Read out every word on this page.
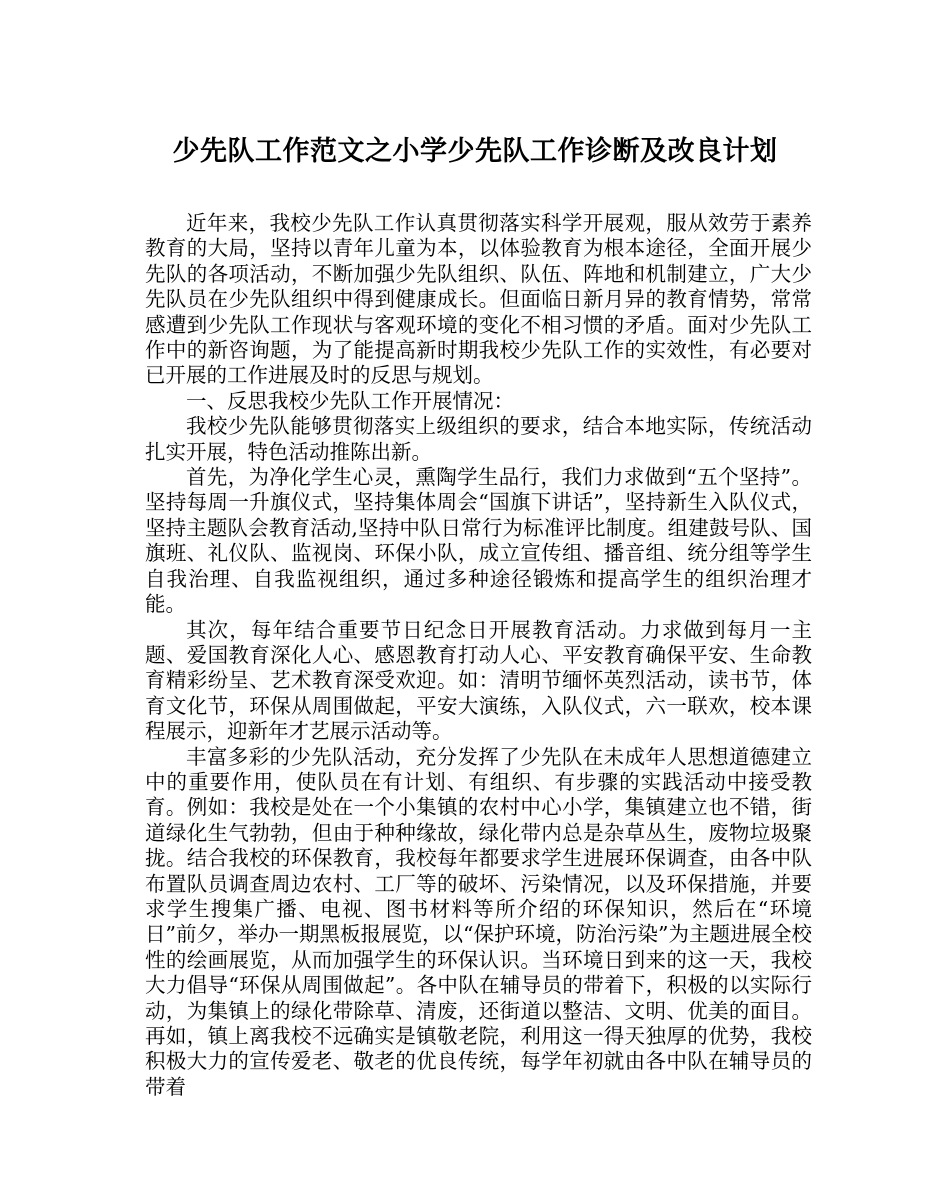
少先队工作范文之小学少先队工作诊断及改良计划

近年来，我校少先队工作认真贯彻落实科学开展观，服从效劳于素养教育的大局，坚持以青年儿童为本，以体验教育为根本途径，全面开展少先队的各项活动，不断加强少先队组织、队伍、阵地和机制建立，广大少先队员在少先队组织中得到健康成长。但面临日新月异的教育情势，常常感遭到少先队工作现状与客观环境的变化不相习惯的矛盾。面对少先队工作中的新咨询题，为了能提高新时期我校少先队工作的实效性，有必要对已开展的工作进展及时的反思与规划。

一、反思我校少先队工作开展情况：

我校少先队能够贯彻落实上级组织的要求，结合本地实际，传统活动扎实开展，特色活动推陈出新。

首先，为净化学生心灵，熏陶学生品行，我们力求做到“五个坚持”。坚持每周一升旗仪式，坚持集体周会“国旗下讲话”，坚持新生入队仪式，坚持主题队会教育活动,坚持中队日常行为标准评比制度。组建鼓号队、国旗班、礼仪队、监视岗、环保小队，成立宣传组、播音组、统分组等学生自我治理、自我监视组织，通过多种途径锻炼和提高学生的组织治理才能。

其次，每年结合重要节日纪念日开展教育活动。力求做到每月一主题、爱国教育深化人心、感恩教育打动人心、平安教育确保平安、生命教育精彩纷呈、艺术教育深受欢迎。如：清明节缅怀英烈活动，读书节，体育文化节，环保从周围做起，平安大演练，入队仪式，六一联欢，校本课程展示，迎新年才艺展示活动等。

丰富多彩的少先队活动，充分发挥了少先队在未成年人思想道德建立中的重要作用，使队员在有计划、有组织、有步骤的实践活动中接受教育。例如：我校是处在一个小集镇的农村中心小学，集镇建立也不错，街道绿化生气勃勃，但由于种种缘故，绿化带内总是杂草丛生，废物垃圾聚拢。结合我校的环保教育，我校每年都要求学生进展环保调查，由各中队布置队员调查周边农村、工厂等的破坏、污染情况，以及环保措施，并要求学生搜集广播、电视、图书材料等所介绍的环保知识，然后在“环境日”前夕，举办一期黑板报展览，以“保护环境，防治污染”为主题进展全校性的绘画展览，从而加强学生的环保认识。当环境日到来的这一天，我校大力倡导“环保从周围做起”。各中队在辅导员的带着下，积极的以实际行动，为集镇上的绿化带除草、清废，还街道以整洁、文明、优美的面目。再如，镇上离我校不远确实是镇敬老院，利用这一得天独厚的优势，我校积极大力的宣传爱老、敬老的优良传统，每学年初就由各中队在辅导员的带着
